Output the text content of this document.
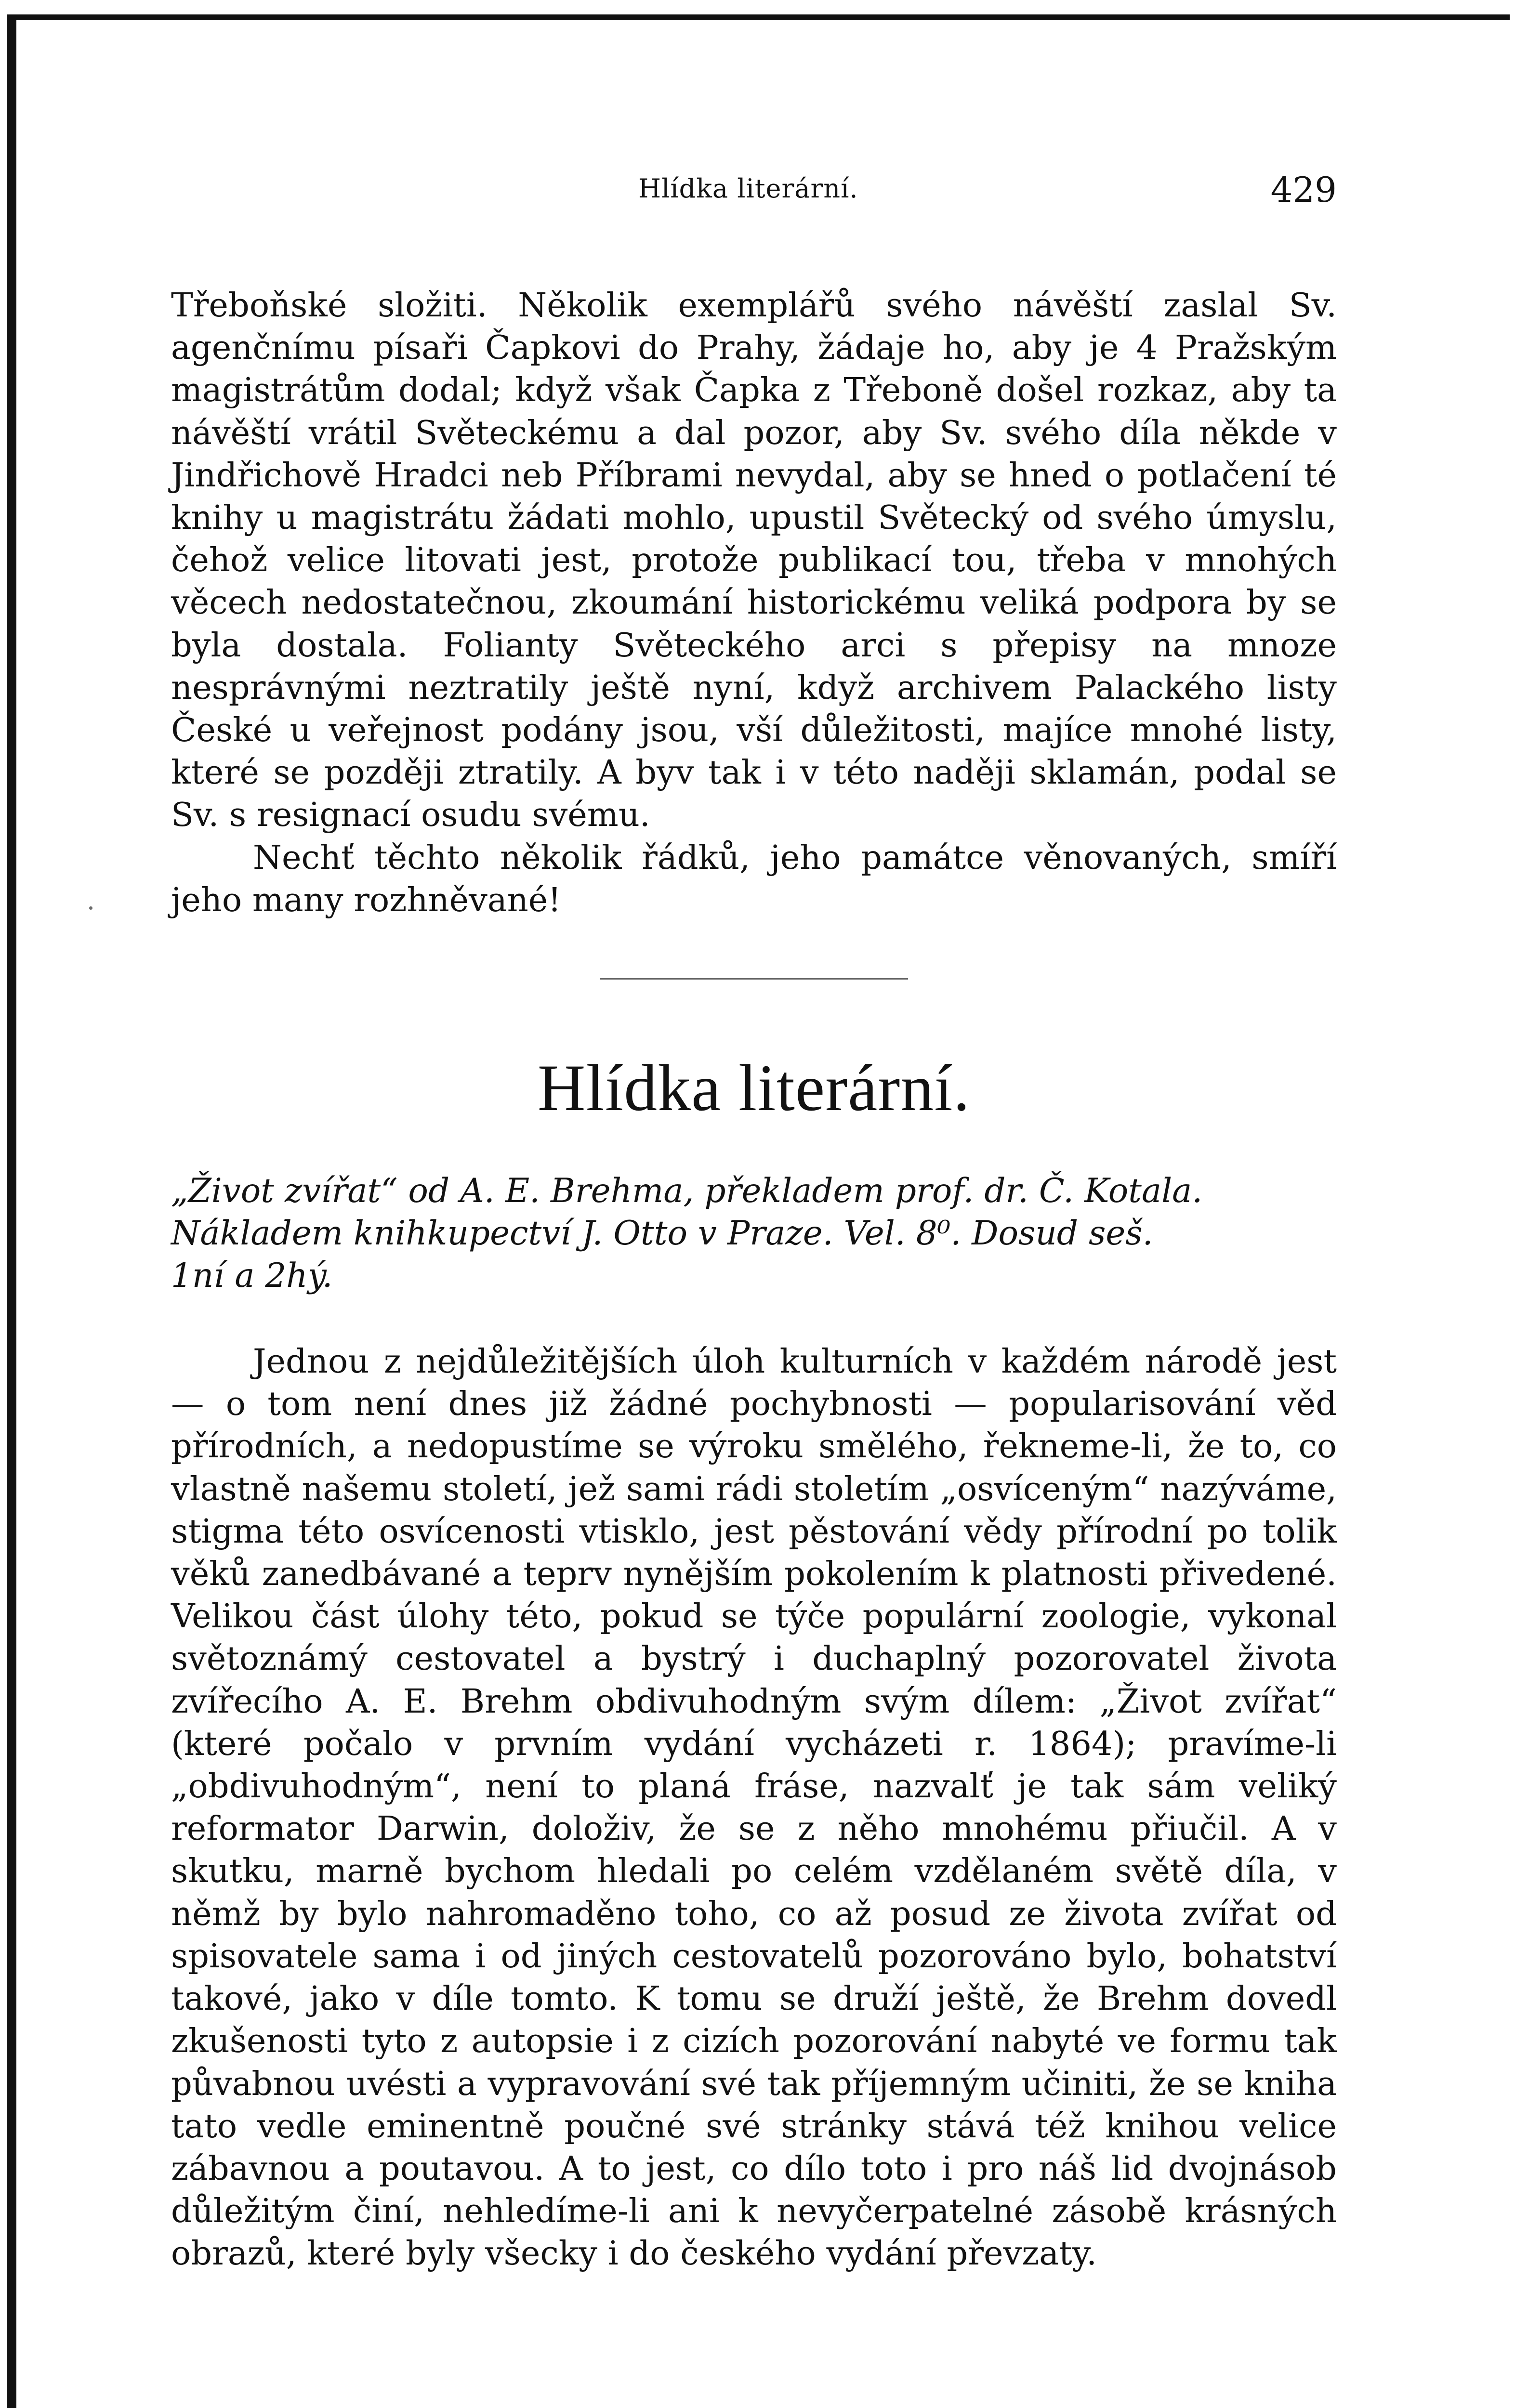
Hlídka literární.	429

Třeboňské složiti. Několik exemplářů svého návěští zaslal Sv. agenčnímu písaři Čapkovi do Prahy, žádaje ho, aby je 4 Pražským magistrátům dodal; když však Čapka z Třeboně došel rozkaz, aby ta návěští vrátil Světeckému a dal pozor, aby Sv. svého díla někde v Jindřichově Hradci neb Příbrami nevydal, aby se hned o potlačení té knihy u magistrátu žádati mohlo, upustil Světecký od svého úmyslu, čehož velice litovati jest, protože publikací tou, třeba v mnohých věcech nedostatečnou, zkoumání historickému veliká podpora by se byla dostala. Folianty Světeckého arci s přepisy na mnoze nesprávnými neztratily ještě nyní, když archivem Palackého listy České u veřejnost podány jsou, vší důležitosti, majíce mnohé listy, které se později ztratily. A byv tak i v této naději sklamán, podal se Sv. s resignací osudu svému.

Nechť těchto několik řádků, jeho památce věnovaných, smíří jeho many rozhněvané!

Hlídka literární.
„Život zvířat“ od A. E. Brehma, překladem prof. dr. Č. Kotala.
Nákladem knihkupectví J. Otto v Praze. Vel. 8⁰. Dosud seš.
1ní a 2hý.

Jednou z nejdůležitějších úloh kulturních v každém národě jest — o tom není dnes již žádné pochybnosti — popularisování věd přírodních, a nedopustíme se výroku smělého, řekneme-li, že to, co vlastně našemu století, jež sami rádi stoletím „osvíceným“ nazýváme, stigma této osvícenosti vtisklo, jest pěstování vědy přírodní po tolik věků zanedbávané a teprv nynějším pokolením k platnosti přivedené. Velikou část úlohy této, pokud se týče populární zoologie, vykonal světoznámý cestovatel a bystrý i duchaplný pozorovatel života zvířecího A. E. Brehm obdivuhodným svým dílem: „Život zvířat“ (které počalo v prvním vydání vycházeti r. 1864); pravíme-li „obdivuhodným“, není to planá fráse, nazvalť je tak sám veliký reformator Darwin, doloživ, že se z něho mnohému přiučil. A v skutku, marně bychom hledali po celém vzdělaném světě díla, v němž by bylo nahromaděno toho, co až posud ze života zvířat od spisovatele sama i od jiných cestovatelů pozorováno bylo, bohatství takové, jako v díle tomto. K tomu se druží ještě, že Brehm dovedl zkušenosti tyto z autopsie i z cizích pozorování nabyté ve formu tak půvabnou uvésti a vypravování své tak příjemným učiniti, že se kniha tato vedle eminentně poučné své stránky stává též knihou velice zábavnou a poutavou. A to jest, co dílo toto i pro náš lid dvojnásob důležitým činí, nehledíme-li ani k nevyčerpatelné zásobě krásných obrazů, které byly všecky i do českého vydání převzaty.
